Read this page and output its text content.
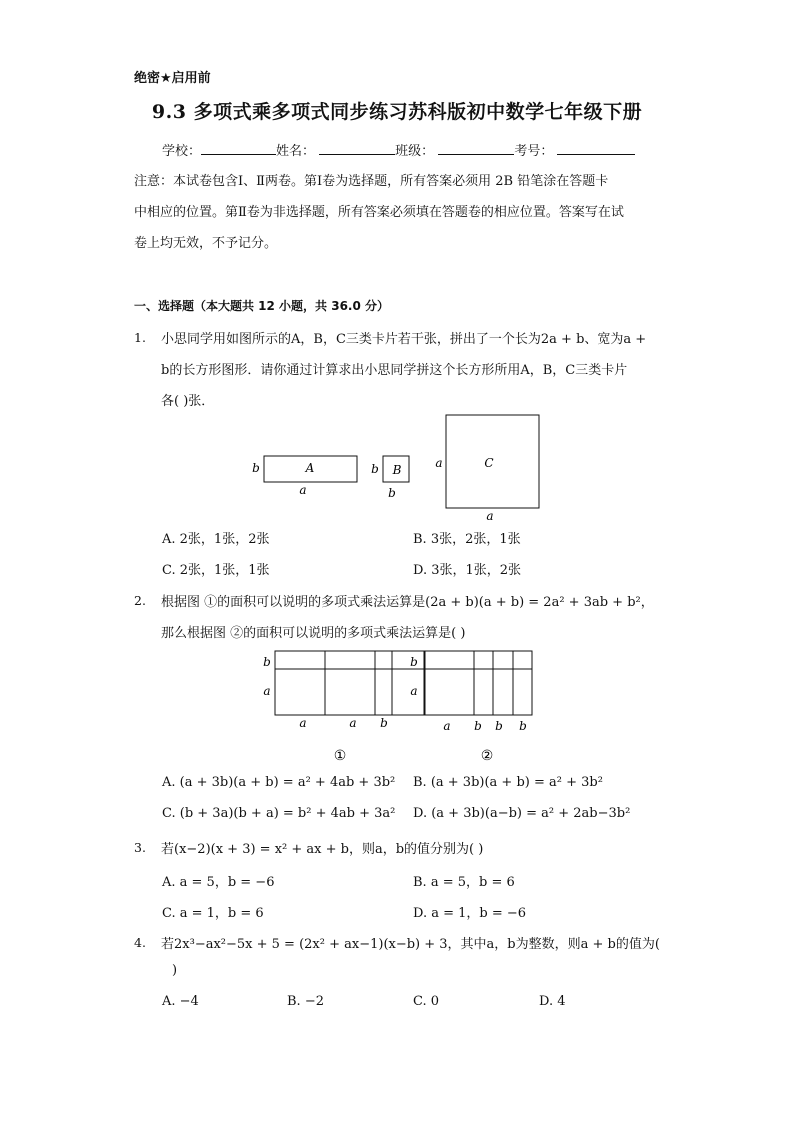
绝密★启用前
9.3 多项式乘多项式同步练习苏科版初中数学七年级下册
学校：	姓名：	班级：	考号：
注意：本试卷包含Ⅰ、Ⅱ两卷。第Ⅰ卷为选择题，所有答案必须用 2B 铅笔涂在答题卡
中相应的位置。第Ⅱ卷为非选择题，所有答案必须填在答题卷的相应位置。答案写在试
卷上均无效，不予记分。
一、选择题（本大题共 12 小题，共 36.0 分）
1. 小思同学用如图所示的A，B，C三类卡片若干张，拼出了一个长为2a + b、宽为a +
b的长方形图形．请你通过计算求出小思同学拼这个长方形所用A，B，C三类卡片
各( )张．
A
b
a
B
b
b
C
a
a
A. 2张，1张，2张	B. 3张，2张，1张
C. 2张，1张，1张	D. 3张，1张，2张
2. 根据图 ①的面积可以说明的多项式乘法运算是(2a + b)(a + b) = 2a² + 3ab + b²，
那么根据图 ②的面积可以说明的多项式乘法运算是( )
b
a
a	a b
①
b
a
a b b b
②
A. (a + 3b)(a + b) = a² + 4ab + 3b² B. (a + 3b)(a + b) = a² + 3b²
C. (b + 3a)(b + a) = b² + 4ab + 3a² D. (a + 3b)(a−b) = a² + 2ab−3b²
3. 若(x−2)(x + 3) = x² + ax + b，则a，b的值分别为( )
A. a = 5，b = −6	B. a = 5，b = 6
C. a = 1，b = 6	D. a = 1，b = −6
4. 若2x³−ax²−5x + 5 = (2x² + ax−1)(x−b) + 3，其中a，b为整数，则a + b的值为(
)
A. −4	B. −2	C. 0	D. 4
